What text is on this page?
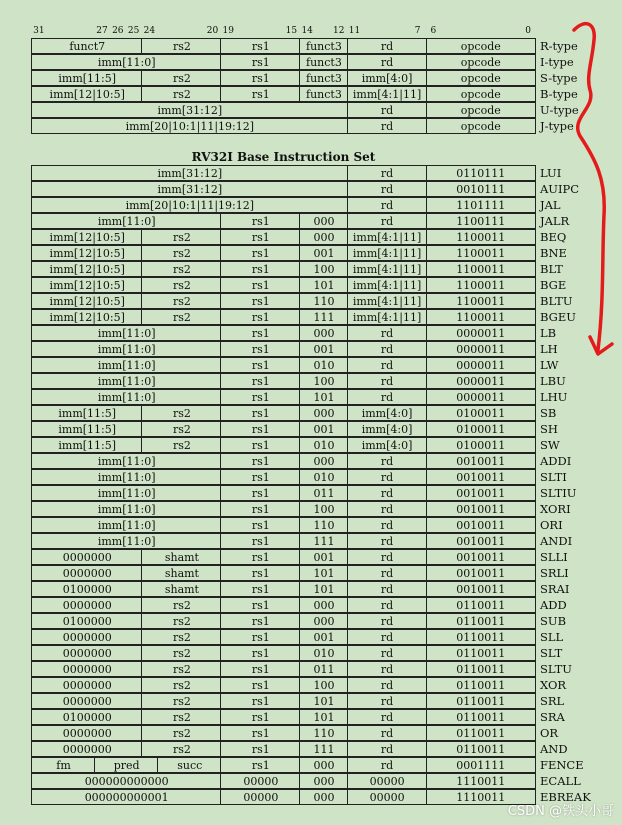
31	27 26 25 24	20 19	15 14 12 11	7 6	0
funct7	rs2	rs1	funct3	rd	opcode	R-type
imm[11:0]	rs1	funct3	rd	opcode	I-type
imm[11:5]	rs2	rs1	funct3	imm[4:0]	opcode	S-type
imm[12|10:5]	rs2	rs1	funct3	imm[4:1|11]	opcode	B-type
imm[31:12]	rd	opcode	U-type
imm[20|10:1|11|19:12]	rd	opcode	J-type
RV32I Base Instruction Set
imm[31:12]	rd	0110111	LUI
imm[31:12]	rd	0010111	AUIPC
imm[20|10:1|11|19:12]	rd	1101111	JAL
imm[11:0]	rs1	000	rd	1100111	JALR
imm[12|10:5]	rs2	rs1	000	imm[4:1|11]	1100011	BEQ
imm[12|10:5]	rs2	rs1	001	imm[4:1|11]	1100011	BNE
imm[12|10:5]	rs2	rs1	100	imm[4:1|11]	1100011	BLT
imm[12|10:5]	rs2	rs1	101	imm[4:1|11]	1100011	BGE
imm[12|10:5]	rs2	rs1	110	imm[4:1|11]	1100011	BLTU
imm[12|10:5]	rs2	rs1	111	imm[4:1|11]	1100011	BGEU
imm[11:0]	rs1	000	rd	0000011	LB
imm[11:0]	rs1	001	rd	0000011	LH
imm[11:0]	rs1	010	rd	0000011	LW
imm[11:0]	rs1	100	rd	0000011	LBU
imm[11:0]	rs1	101	rd	0000011	LHU
imm[11:5]	rs2	rs1	000	imm[4:0]	0100011	SB
imm[11:5]	rs2	rs1	001	imm[4:0]	0100011	SH
imm[11:5]	rs2	rs1	010	imm[4:0]	0100011	SW
imm[11:0]	rs1	000	rd	0010011	ADDI
imm[11:0]	rs1	010	rd	0010011	SLTI
imm[11:0]	rs1	011	rd	0010011	SLTIU
imm[11:0]	rs1	100	rd	0010011	XORI
imm[11:0]	rs1	110	rd	0010011	ORI
imm[11:0]	rs1	111	rd	0010011	ANDI
0000000	shamt	rs1	001	rd	0010011	SLLI
0000000	shamt	rs1	101	rd	0010011	SRLI
0100000	shamt	rs1	101	rd	0010011	SRAI
0000000	rs2	rs1	000	rd	0110011	ADD
0100000	rs2	rs1	000	rd	0110011	SUB
0000000	rs2	rs1	001	rd	0110011	SLL
0000000	rs2	rs1	010	rd	0110011	SLT
0000000	rs2	rs1	011	rd	0110011	SLTU
0000000	rs2	rs1	100	rd	0110011	XOR
0000000	rs2	rs1	101	rd	0110011	SRL
0100000	rs2	rs1	101	rd	0110011	SRA
0000000	rs2	rs1	110	rd	0110011	OR
0000000	rs2	rs1	111	rd	0110011	AND
fm	pred	succ	rs1	000	rd	0001111	FENCE
000000000000	00000	000	00000	1110011	ECALL
000000000001	00000	000	00000	1110011	EBREAK
CSDN @铁头小哥
